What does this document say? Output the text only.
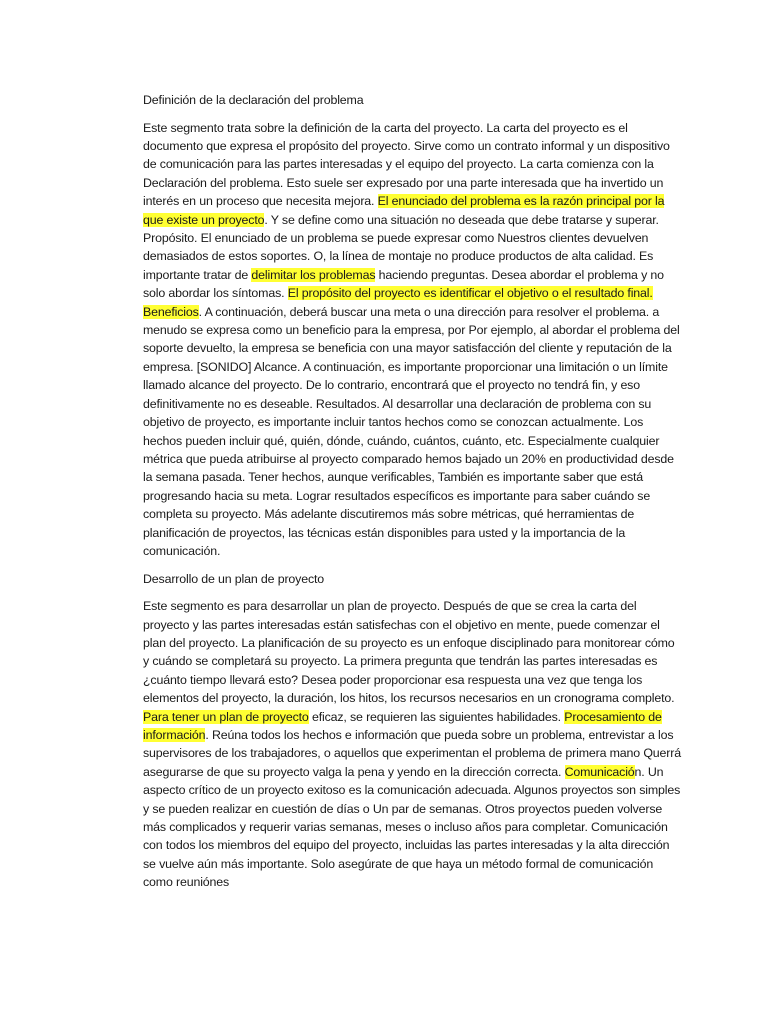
Definición de la declaración del problema

Este segmento trata sobre la definición de la carta del proyecto. La carta del proyecto es el documento que expresa el propósito del proyecto. Sirve como un contrato informal y un dispositivo de comunicación para las partes interesadas y el equipo del proyecto. La carta comienza con la Declaración del problema. Esto suele ser expresado por una parte interesada que ha invertido un interés en un proceso que necesita mejora. El enunciado del problema es la razón principal por la que existe un proyecto. Y se define como una situación no deseada que debe tratarse y superar. Propósito. El enunciado de un problema se puede expresar como Nuestros clientes devuelven demasiados de estos soportes. O, la línea de montaje no produce productos de alta calidad. Es importante tratar de delimitar los problemas haciendo preguntas. Desea abordar el problema y no solo abordar los síntomas. El propósito del proyecto es identificar el objetivo o el resultado final. Beneficios. A continuación, deberá buscar una meta o una dirección para resolver el problema. a menudo se expresa como un beneficio para la empresa, por Por ejemplo, al abordar el problema del soporte devuelto, la empresa se beneficia con una mayor satisfacción del cliente y reputación de la empresa. [SONIDO] Alcance. A continuación, es importante proporcionar una limitación o un límite llamado alcance del proyecto. De lo contrario, encontrará que el proyecto no tendrá fin, y eso definitivamente no es deseable. Resultados. Al desarrollar una declaración de problema con su objetivo de proyecto, es importante incluir tantos hechos como se conozcan actualmente. Los hechos pueden incluir qué, quién, dónde, cuándo, cuántos, cuánto, etc. Especialmente cualquier métrica que pueda atribuirse al proyecto comparado hemos bajado un 20% en productividad desde la semana pasada. Tener hechos, aunque verificables, También es importante saber que está progresando hacia su meta. Lograr resultados específicos es importante para saber cuándo se completa su proyecto. Más adelante discutiremos más sobre métricas, qué herramientas de planificación de proyectos, las técnicas están disponibles para usted y la importancia de la comunicación.

Desarrollo de un plan de proyecto

Este segmento es para desarrollar un plan de proyecto. Después de que se crea la carta del proyecto y las partes interesadas están satisfechas con el objetivo en mente, puede comenzar el plan del proyecto. La planificación de su proyecto es un enfoque disciplinado para monitorear cómo y cuándo se completará su proyecto. La primera pregunta que tendrán las partes interesadas es ¿cuánto tiempo llevará esto? Desea poder proporcionar esa respuesta una vez que tenga los elementos del proyecto, la duración, los hitos, los recursos necesarios en un cronograma completo. Para tener un plan de proyecto eficaz, se requieren las siguientes habilidades. Procesamiento de información. Reúna todos los hechos e información que pueda sobre un problema, entrevistar a los supervisores de los trabajadores, o aquellos que experimentan el problema de primera mano Querrá asegurarse de que su proyecto valga la pena y yendo en la dirección correcta. Comunicación. Un aspecto crítico de un proyecto exitoso es la comunicación adecuada. Algunos proyectos son simples y se pueden realizar en cuestión de días o Un par de semanas. Otros proyectos pueden volverse más complicados y requerir varias semanas, meses o incluso años para completar. Comunicación con todos los miembros del equipo del proyecto, incluidas las partes interesadas y la alta dirección se vuelve aún más importante. Solo asegúrate de que haya un método formal de comunicación como reuniónes
